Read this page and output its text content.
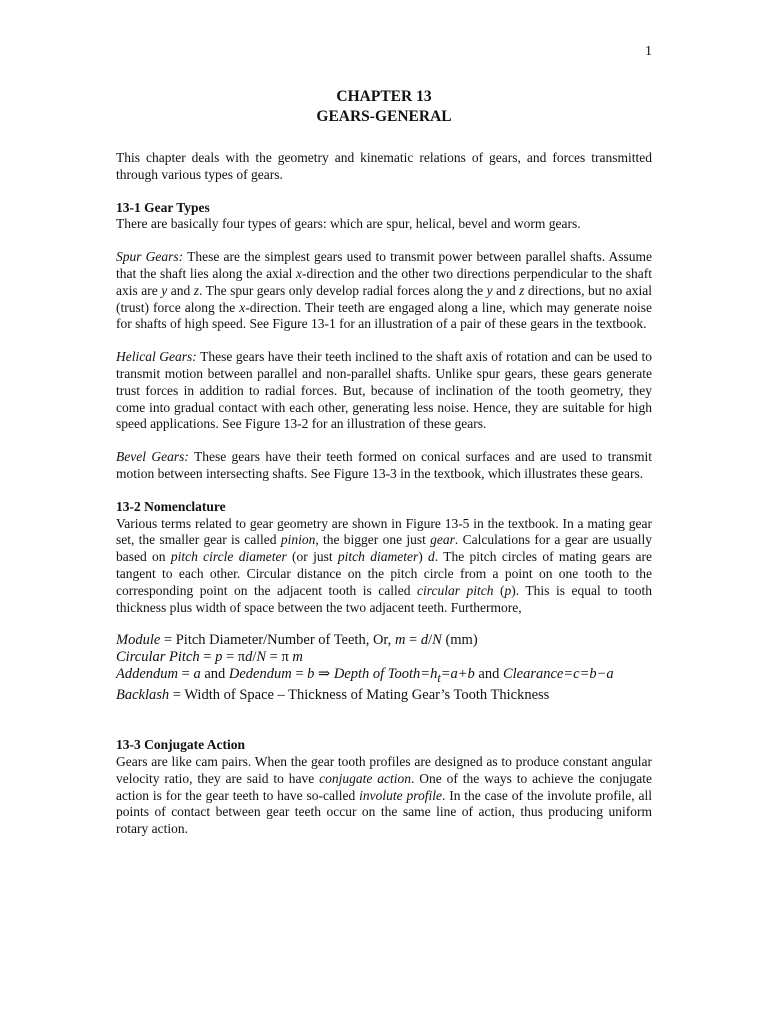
1
CHAPTER 13
GEARS-GENERAL

This chapter deals with the geometry and kinematic relations of gears, and forces transmitted through various types of gears.

13-1 Gear Types

There are basically four types of gears: which are spur, helical, bevel and worm gears.

Spur Gears: These are the simplest gears used to transmit power between parallel shafts. Assume that the shaft lies along the axial x-direction and the other two directions perpendicular to the shaft axis are y and z. The spur gears only develop radial forces along the y and z directions, but no axial (trust) force along the x-direction. Their teeth are engaged along a line, which may generate noise for shafts of high speed. See Figure 13-1 for an illustration of a pair of these gears in the textbook.

Helical Gears: These gears have their teeth inclined to the shaft axis of rotation and can be used to transmit motion between parallel and non-parallel shafts. Unlike spur gears, these gears generate trust forces in addition to radial forces. But, because of inclination of the tooth geometry, they come into gradual contact with each other, generating less noise. Hence, they are suitable for high speed applications. See Figure 13-2 for an illustration of these gears.

Bevel Gears: These gears have their teeth formed on conical surfaces and are used to transmit motion between intersecting shafts. See Figure 13-3 in the textbook, which illustrates these gears.

13-2 Nomenclature

Various terms related to gear geometry are shown in Figure 13-5 in the textbook. In a mating gear set, the smaller gear is called pinion, the bigger one just gear. Calculations for a gear are usually based on pitch circle diameter (or just pitch diameter) d. The pitch circles of mating gears are tangent to each other. Circular distance on the pitch circle from a point on one tooth to the corresponding point on the adjacent tooth is called circular pitch (p). This is equal to tooth thickness plus width of space between the two adjacent teeth. Furthermore,

Module = Pitch Diameter/Number of Teeth, Or, m = d/N (mm)
Circular Pitch = p = πd/N = π m
Addendum = a and Dedendum = b ⇒ Depth of $Tooth=h_t=a+b$ and Clearance=c=b−a
Backlash = Width of Space – Thickness of Mating Gear’s Tooth Thickness

13-3 Conjugate Action

Gears are like cam pairs. When the gear tooth profiles are designed as to produce constant angular velocity ratio, they are said to have conjugate action. One of the ways to achieve the conjugate action is for the gear teeth to have so-called involute profile. In the case of the involute profile, all points of contact between gear teeth occur on the same line of action, thus producing uniform rotary action.
